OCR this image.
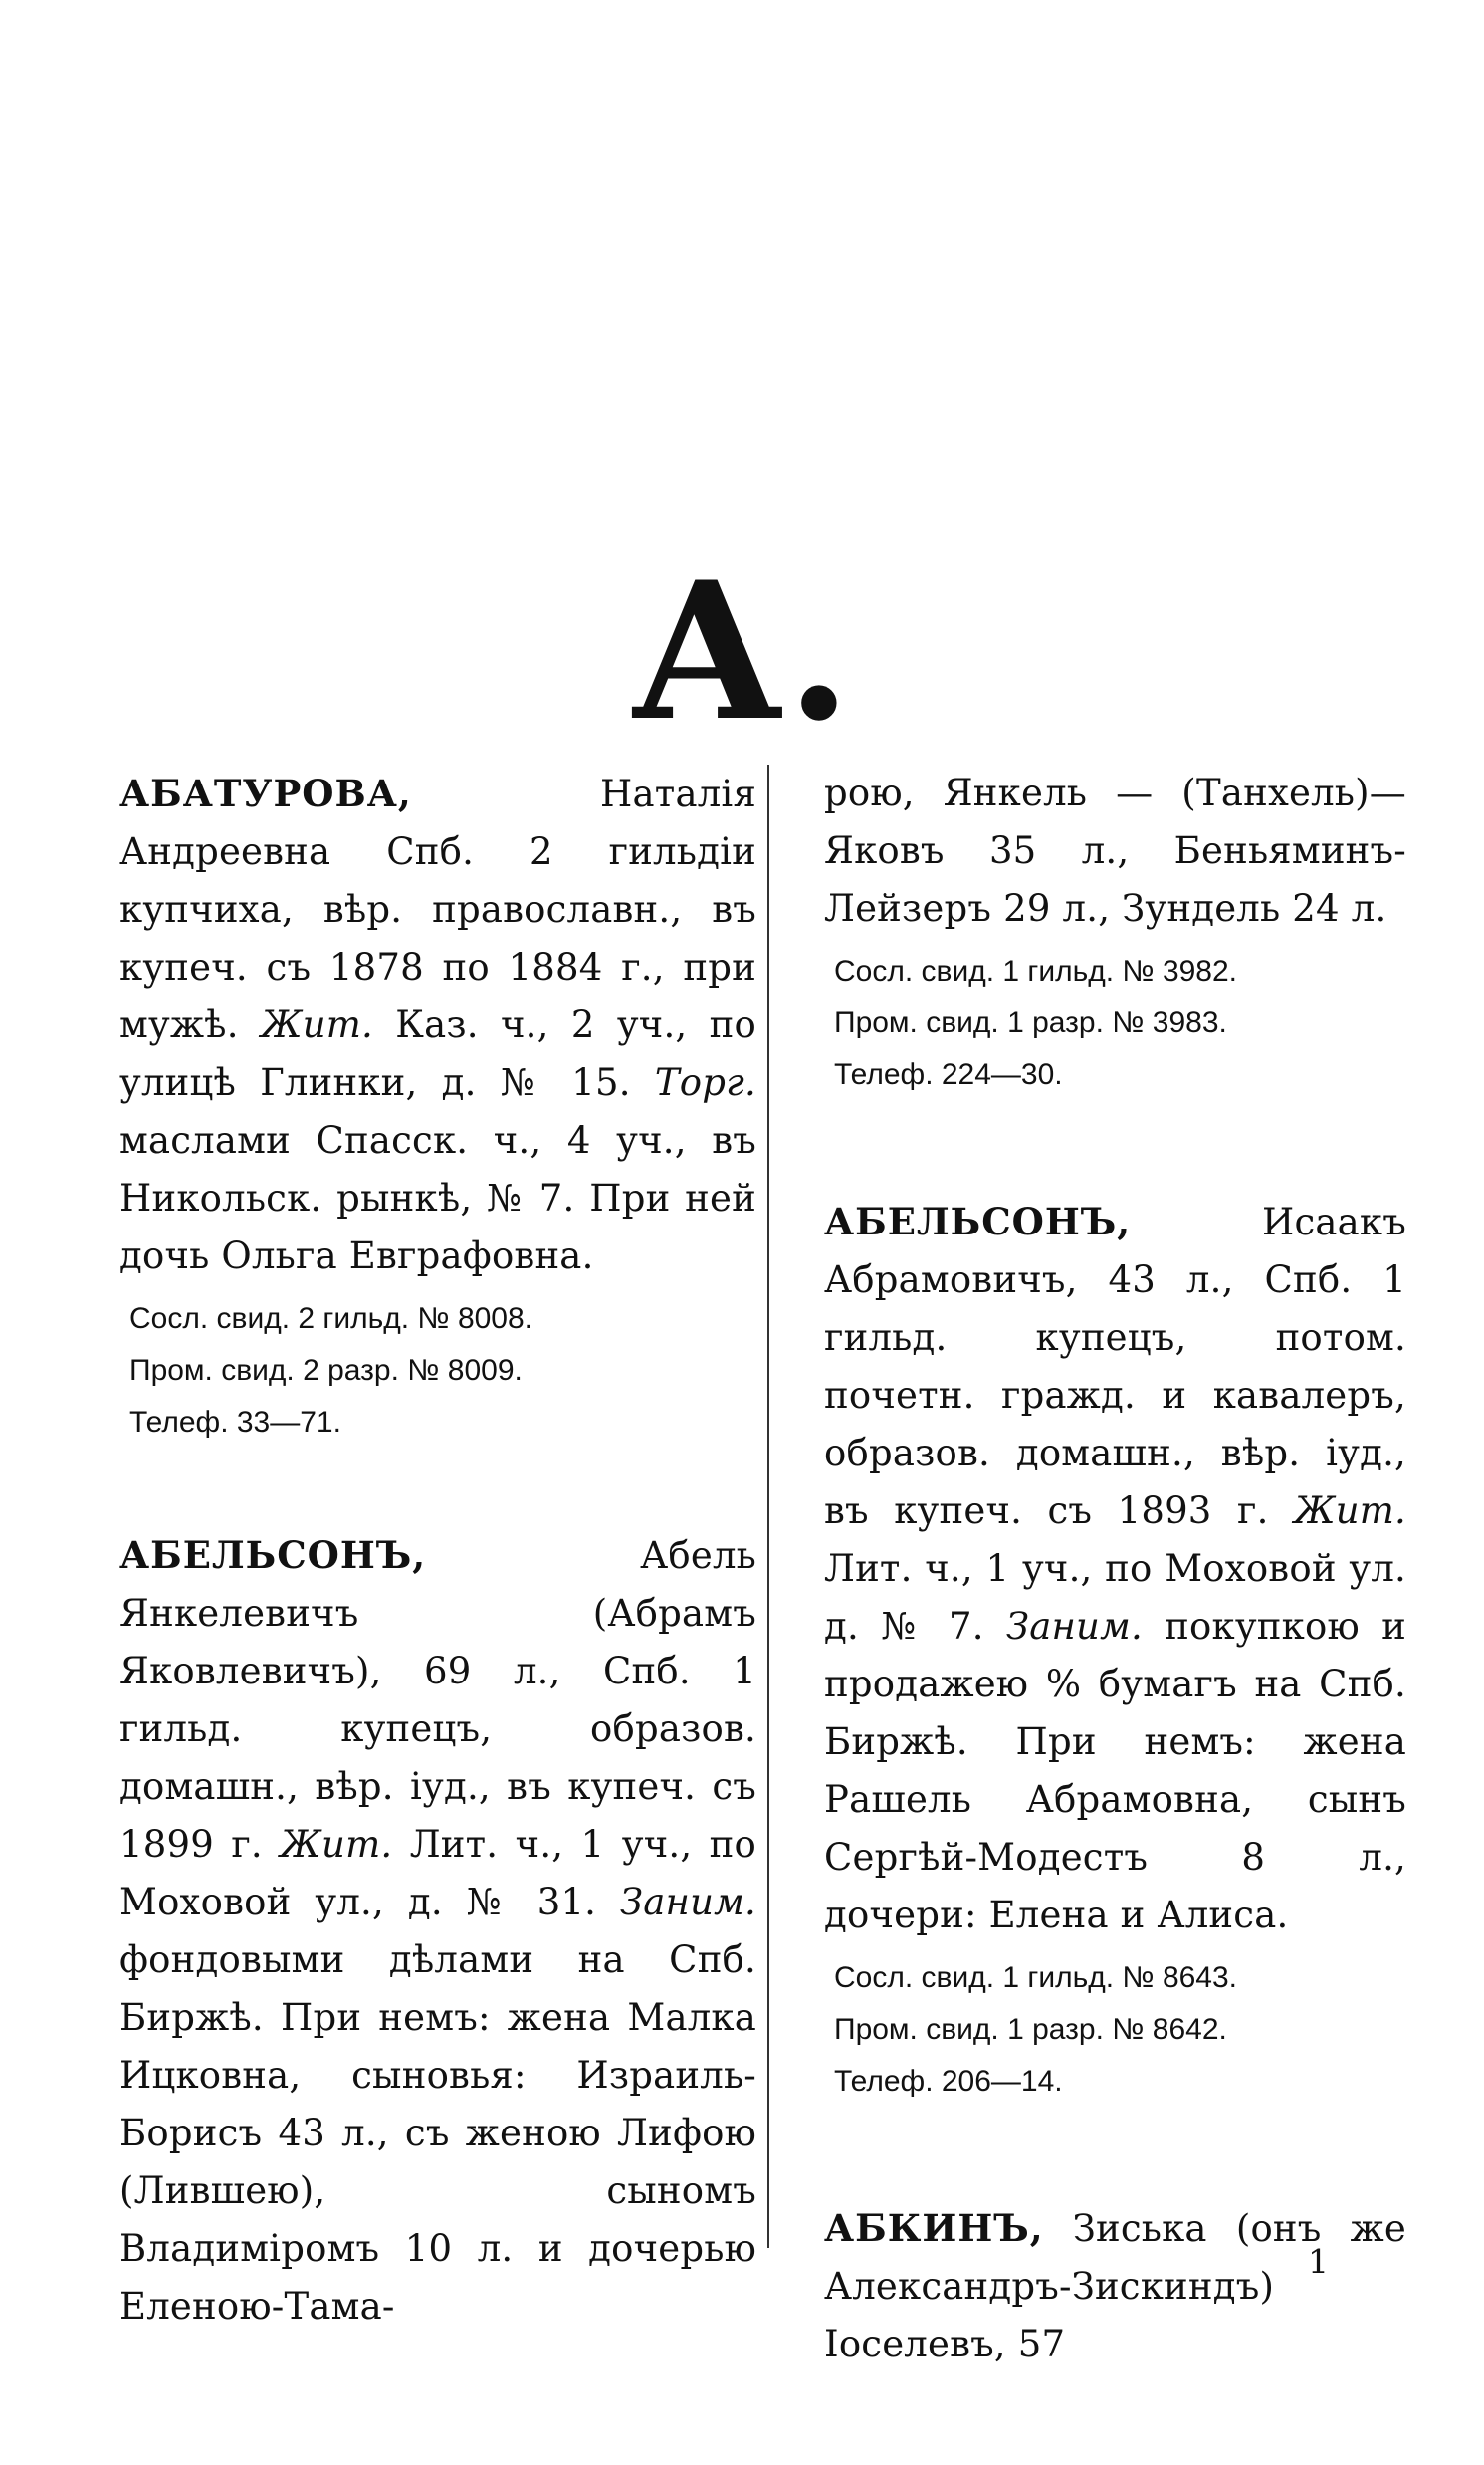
А.
АБАТУРОВА, Наталія Андреевна Спб. 2 гильдіи купчиха, вѣр. православн., въ купеч. съ 1878 по 1884 г., при мужѣ. Жит. Каз. ч., 2 уч., по улицѣ Глинки, д. № 15. Торг. маслами Спасск. ч., 4 уч., въ Никольск. рынкѣ, № 7. При ней дочь Ольга Евграфовна.
Сосл. свид. 2 гильд. № 8008.
Пром. свид. 2 разр. № 8009.
Телеф. 33—71.
АБЕЛЬСОНЪ, Абель Янкелевичъ (Абрамъ Яковлевичъ), 69 л., Спб. 1 гильд. купецъ, образов. домашн., вѣр. іуд., въ купеч. съ 1899 г. Жит. Лит. ч., 1 уч., по Моховой ул., д. № 31. Заним. фондовыми дѣлами на Спб. Биржѣ. При немъ: жена Малка Ицковна, сыновья: Израиль-Борисъ 43 л., съ женою Лифою (Лившею), сыномъ Владиміромъ 10 л. и дочерью Еленою-Тама-
рою, Янкель — (Танхель)—Яковъ 35 л., Беньяминъ-Лейзеръ 29 л., Зундель 24 л.
Сосл. свид. 1 гильд. № 3982.
Пром. свид. 1 разр. № 3983.
Телеф. 224—30.
АБЕЛЬСОНЪ, Исаакъ Абрамовичъ, 43 л., Спб. 1 гильд. купецъ, потом. почетн. гражд. и кавалеръ, образов. домашн., вѣр. іуд., въ купеч. съ 1893 г. Жит. Лит. ч., 1 уч., по Моховой ул. д. № 7. Заним. покупкою и продажею % бумагъ на Спб. Биржѣ. При немъ: жена Рашель Абрамовна, сынъ Сергѣй-Модестъ 8 л., дочери: Елена и Алиса.
Сосл. свид. 1 гильд. № 8643.
Пром. свид. 1 разр. № 8642.
Телеф. 206—14.
АБКИНЪ, Зиська (онъ же Александръ-Зискиндъ) Іоселевъ, 57
1
